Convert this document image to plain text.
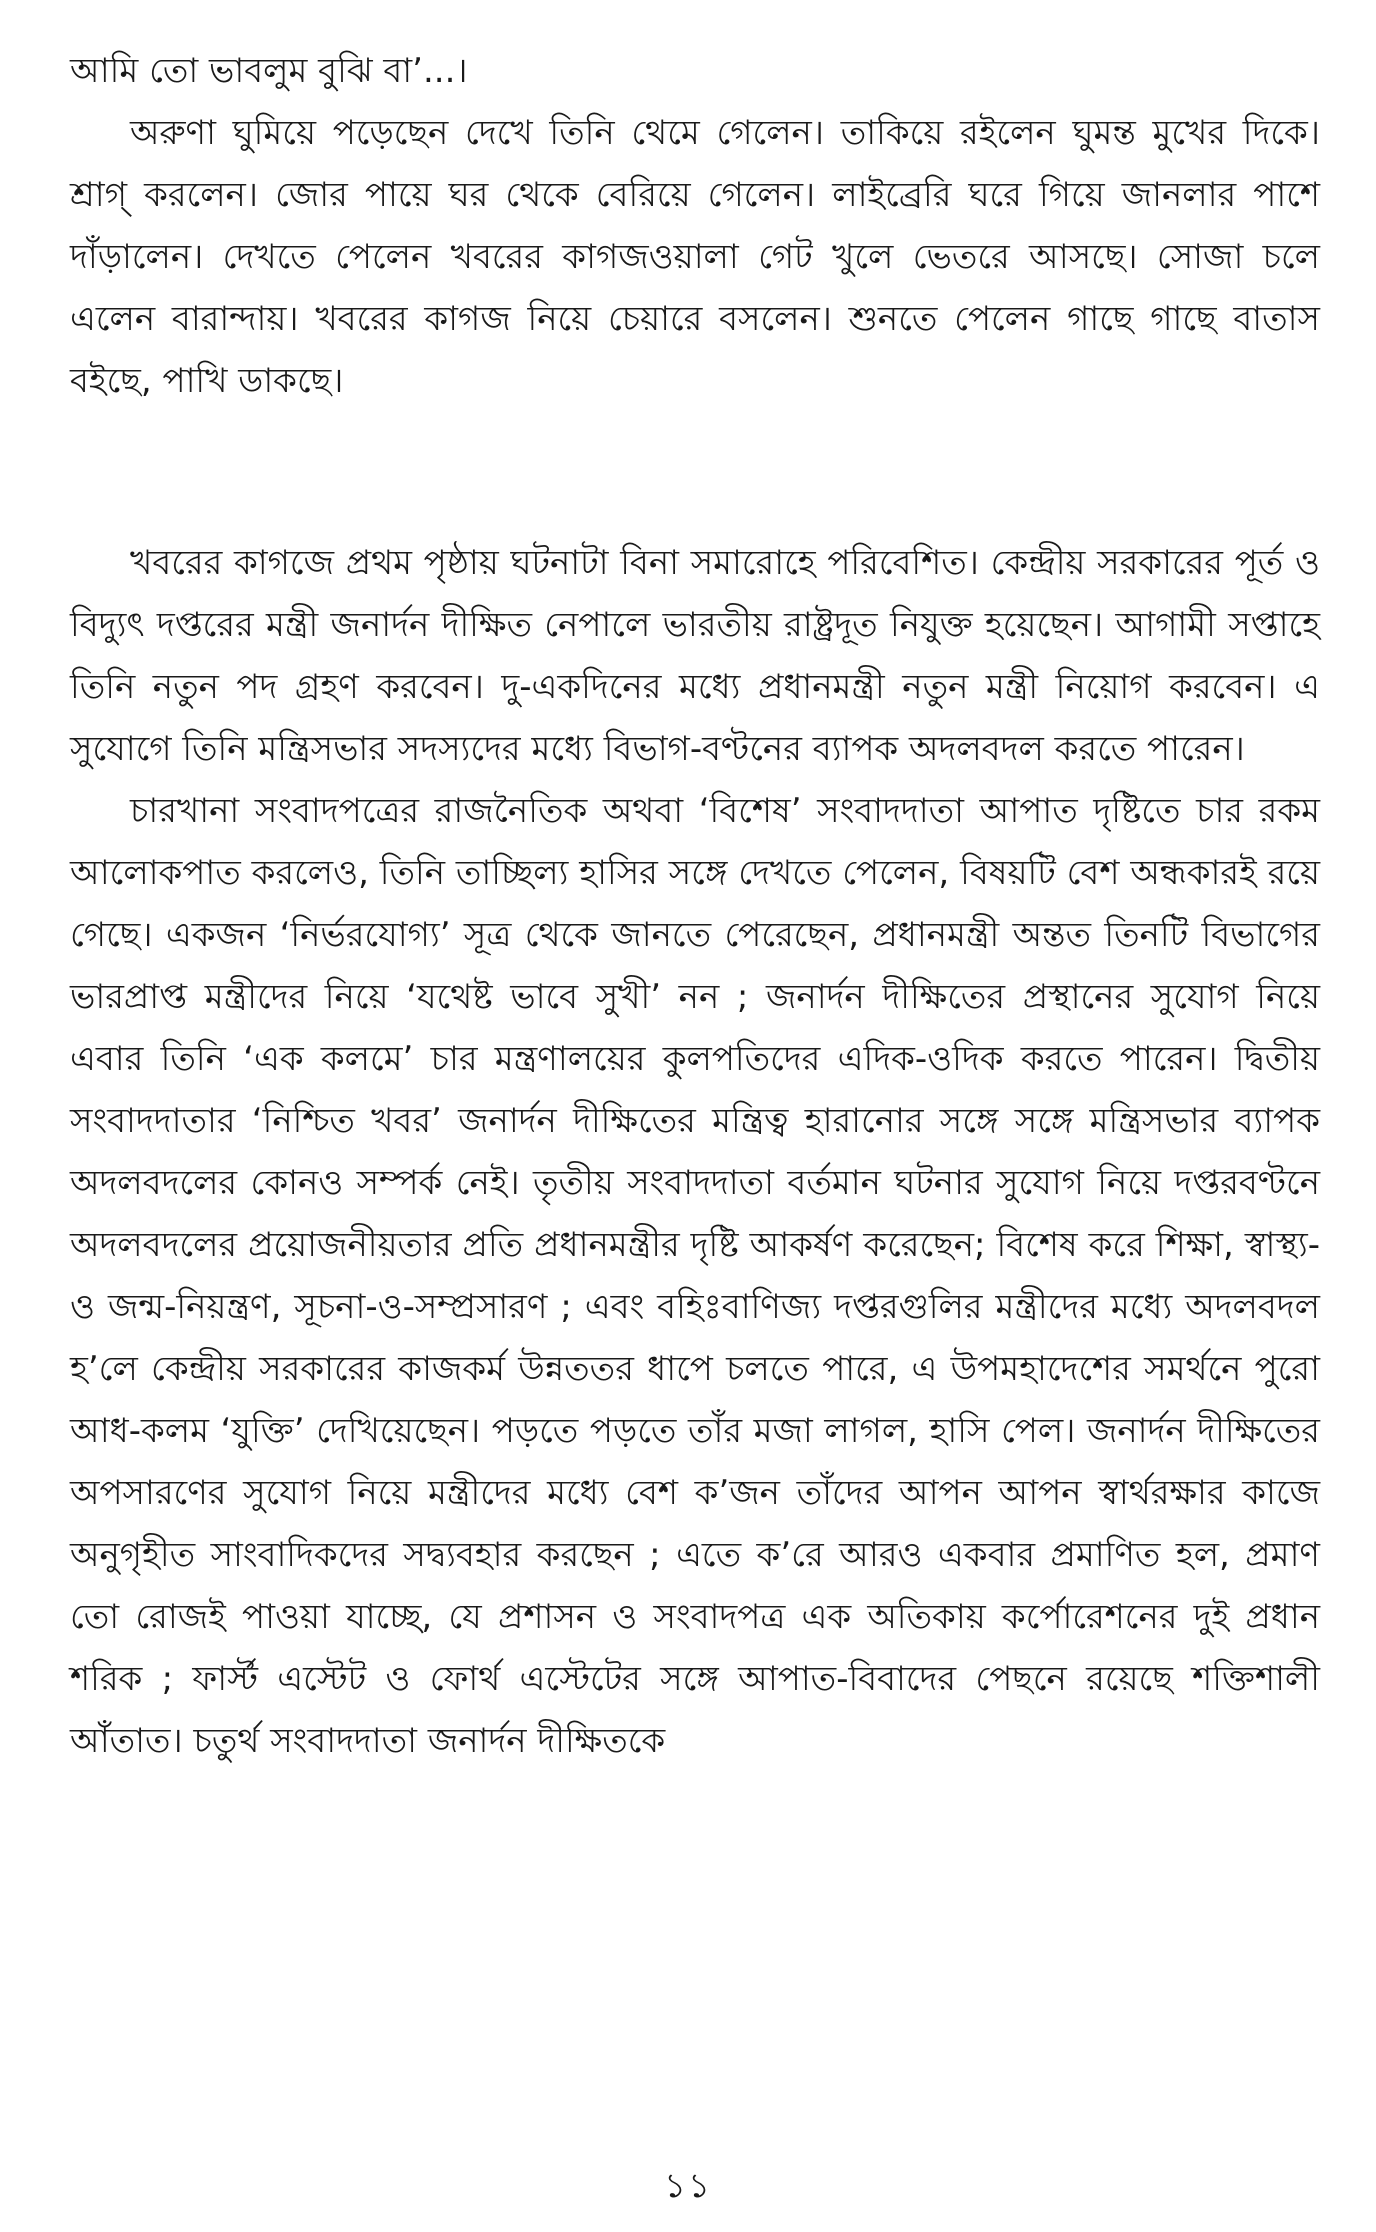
আমি তো ভাবলুম বুঝি বা’...।

অরুণা ঘুমিয়ে পড়েছেন দেখে তিনি থেমে গেলেন। তাকিয়ে রইলেন ঘুমন্ত মুখের দিকে। শ্রাগ্ করলেন। জোর পায়ে ঘর থেকে বেরিয়ে গেলেন। লাইব্রেরি ঘরে গিয়ে জানলার পাশে দাঁড়ালেন। দেখতে পেলেন খবরের কাগজওয়ালা গেট খুলে ভেতরে আসছে। সোজা চলে এলেন বারান্দায়। খবরের কাগজ নিয়ে চেয়ারে বসলেন। শুনতে পেলেন গাছে গাছে বাতাস বইছে, পাখি ডাকছে।

খবরের কাগজে প্রথম পৃষ্ঠায় ঘটনাটা বিনা সমারোহে পরিবেশিত। কেন্দ্রীয় সরকারের পূর্ত ও বিদ্যুৎ দপ্তরের মন্ত্রী জনার্দন দীক্ষিত নেপালে ভারতীয় রাষ্ট্রদূত নিযুক্ত হয়েছেন। আগামী সপ্তাহে তিনি নতুন পদ গ্রহণ করবেন। দু-একদিনের মধ্যে প্রধানমন্ত্রী নতুন মন্ত্রী নিয়োগ করবেন। এ সুযোগে তিনি মন্ত্রিসভার সদস্যদের মধ্যে বিভাগ-বণ্টনের ব্যাপক অদলবদল করতে পারেন।

চারখানা সংবাদপত্রের রাজনৈতিক অথবা ‘বিশেষ’ সংবাদদাতা আপাত দৃষ্টিতে চার রকম আলোকপাত করলেও, তিনি তাচ্ছিল্য হাসির সঙ্গে দেখতে পেলেন, বিষয়টি বেশ অন্ধকারই রয়ে গেছে। একজন ‘নির্ভরযোগ্য’ সূত্র থেকে জানতে পেরেছেন, প্রধানমন্ত্রী অন্তত তিনটি বিভাগের ভারপ্রাপ্ত মন্ত্রীদের নিয়ে ‘যথেষ্ট ভাবে সুখী’ নন ; জনার্দন দীক্ষিতের প্রস্থানের সুযোগ নিয়ে এবার তিনি ‘এক কলমে’ চার মন্ত্রণালয়ের কুলপতিদের এদিক-ওদিক করতে পারেন। দ্বিতীয় সংবাদদাতার ‘নিশ্চিত খবর’ জনার্দন দীক্ষিতের মন্ত্রিত্ব হারানোর সঙ্গে সঙ্গে মন্ত্রিসভার ব্যাপক অদলবদলের কোনও সম্পর্ক নেই। তৃতীয় সংবাদদাতা বর্তমান ঘটনার সুযোগ নিয়ে দপ্তরবণ্টনে অদলবদলের প্রয়োজনীয়তার প্রতি প্রধানমন্ত্রীর দৃষ্টি আকর্ষণ করেছেন; বিশেষ করে শিক্ষা, স্বাস্থ্য-ও জন্ম-নিয়ন্ত্রণ, সূচনা-ও-সম্প্রসারণ ; এবং বহিঃবাণিজ্য দপ্তরগুলির মন্ত্রীদের মধ্যে অদলবদল হ’লে কেন্দ্রীয় সরকারের কাজকর্ম উন্নততর ধাপে চলতে পারে, এ উপমহাদেশের সমর্থনে পুরো আধ-কলম ‘যুক্তি’ দেখিয়েছেন। পড়তে পড়তে তাঁর মজা লাগল, হাসি পেল। জনার্দন দীক্ষিতের অপসারণের সুযোগ নিয়ে মন্ত্রীদের মধ্যে বেশ ক’জন তাঁদের আপন আপন স্বার্থরক্ষার কাজে অনুগৃহীত সাংবাদিকদের সদ্ব্যবহার করছেন ; এতে ক’রে আরও একবার প্রমাণিত হল, প্রমাণ তো রোজই পাওয়া যাচ্ছে, যে প্রশাসন ও সংবাদপত্র এক অতিকায় কর্পোরেশনের দুই প্রধান শরিক ; ফার্স্ট এস্টেট ও ফোর্থ এস্টেটের সঙ্গে আপাত-বিবাদের পেছনে রয়েছে শক্তিশালী আঁতাত। চতুর্থ সংবাদদাতা জনার্দন দীক্ষিতকে

১১
